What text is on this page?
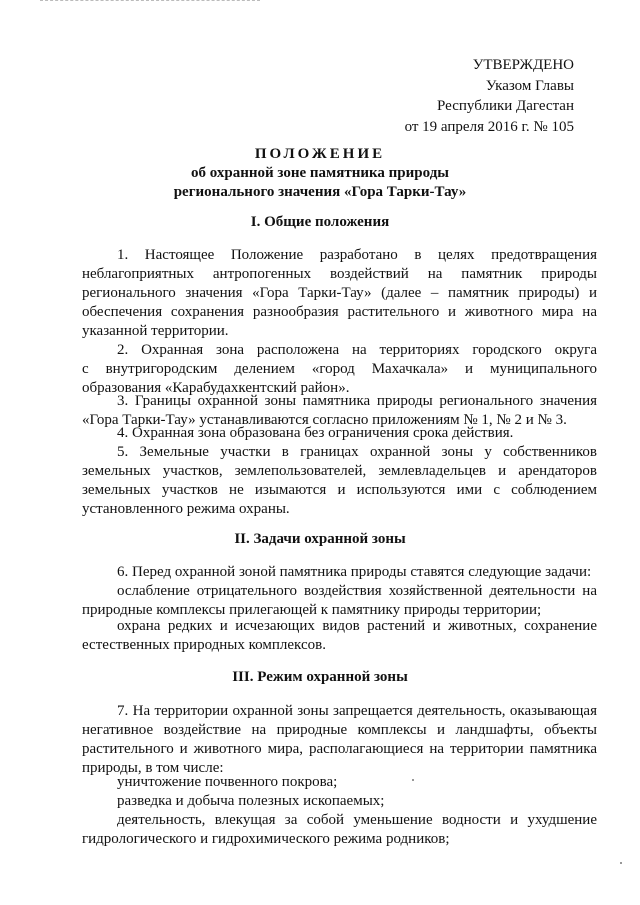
УТВЕРЖДЕНО
Указом Главы
Республики Дагестан
от 19 апреля 2016 г. № 105
ПОЛОЖЕНИЕ
об охранной зоне памятника природы
регионального значения «Гора Тарки-Тау»
I. Общие положения
1. Настоящее Положение разработано в целях предотвращения
неблагоприятных антропогенных воздействий на памятник природы
регионального значения «Гора Тарки-Тау» (далее – памятник природы) и
обеспечения сохранения разнообразия растительного и животного мира на
указанной территории.
2. Охранная зона расположена на территориях городского округа
с внутригородским делением «город Махачкала» и муниципального
образования «Карабудахкентский район».
3. Границы охранной зоны памятника природы регионального значения
«Гора Тарки-Тау» устанавливаются согласно приложениям № 1, № 2 и № 3.
4. Охранная зона образована без ограничения срока действия.
5. Земельные участки в границах охранной зоны у собственников
земельных участков, землепользователей, землевладельцев и арендаторов
земельных участков не изымаются и используются ими с соблюдением
установленного режима охраны.
II. Задачи охранной зоны
6. Перед охранной зоной памятника природы ставятся следующие задачи:
ослабление отрицательного воздействия хозяйственной деятельности на
природные комплексы прилегающей к памятнику природы территории;
охрана редких и исчезающих видов растений и животных, сохранение
естественных природных комплексов.
III. Режим охранной зоны
7. На территории охранной зоны запрещается деятельность, оказывающая
негативное воздействие на природные комплексы и ландшафты, объекты
растительного и животного мира, располагающиеся на территории памятника
природы, в том числе:
уничтожение почвенного покрова;
разведка и добыча полезных ископаемых;
деятельность, влекущая за собой уменьшение водности и ухудшение
гидрологического и гидрохимического режима родников;
